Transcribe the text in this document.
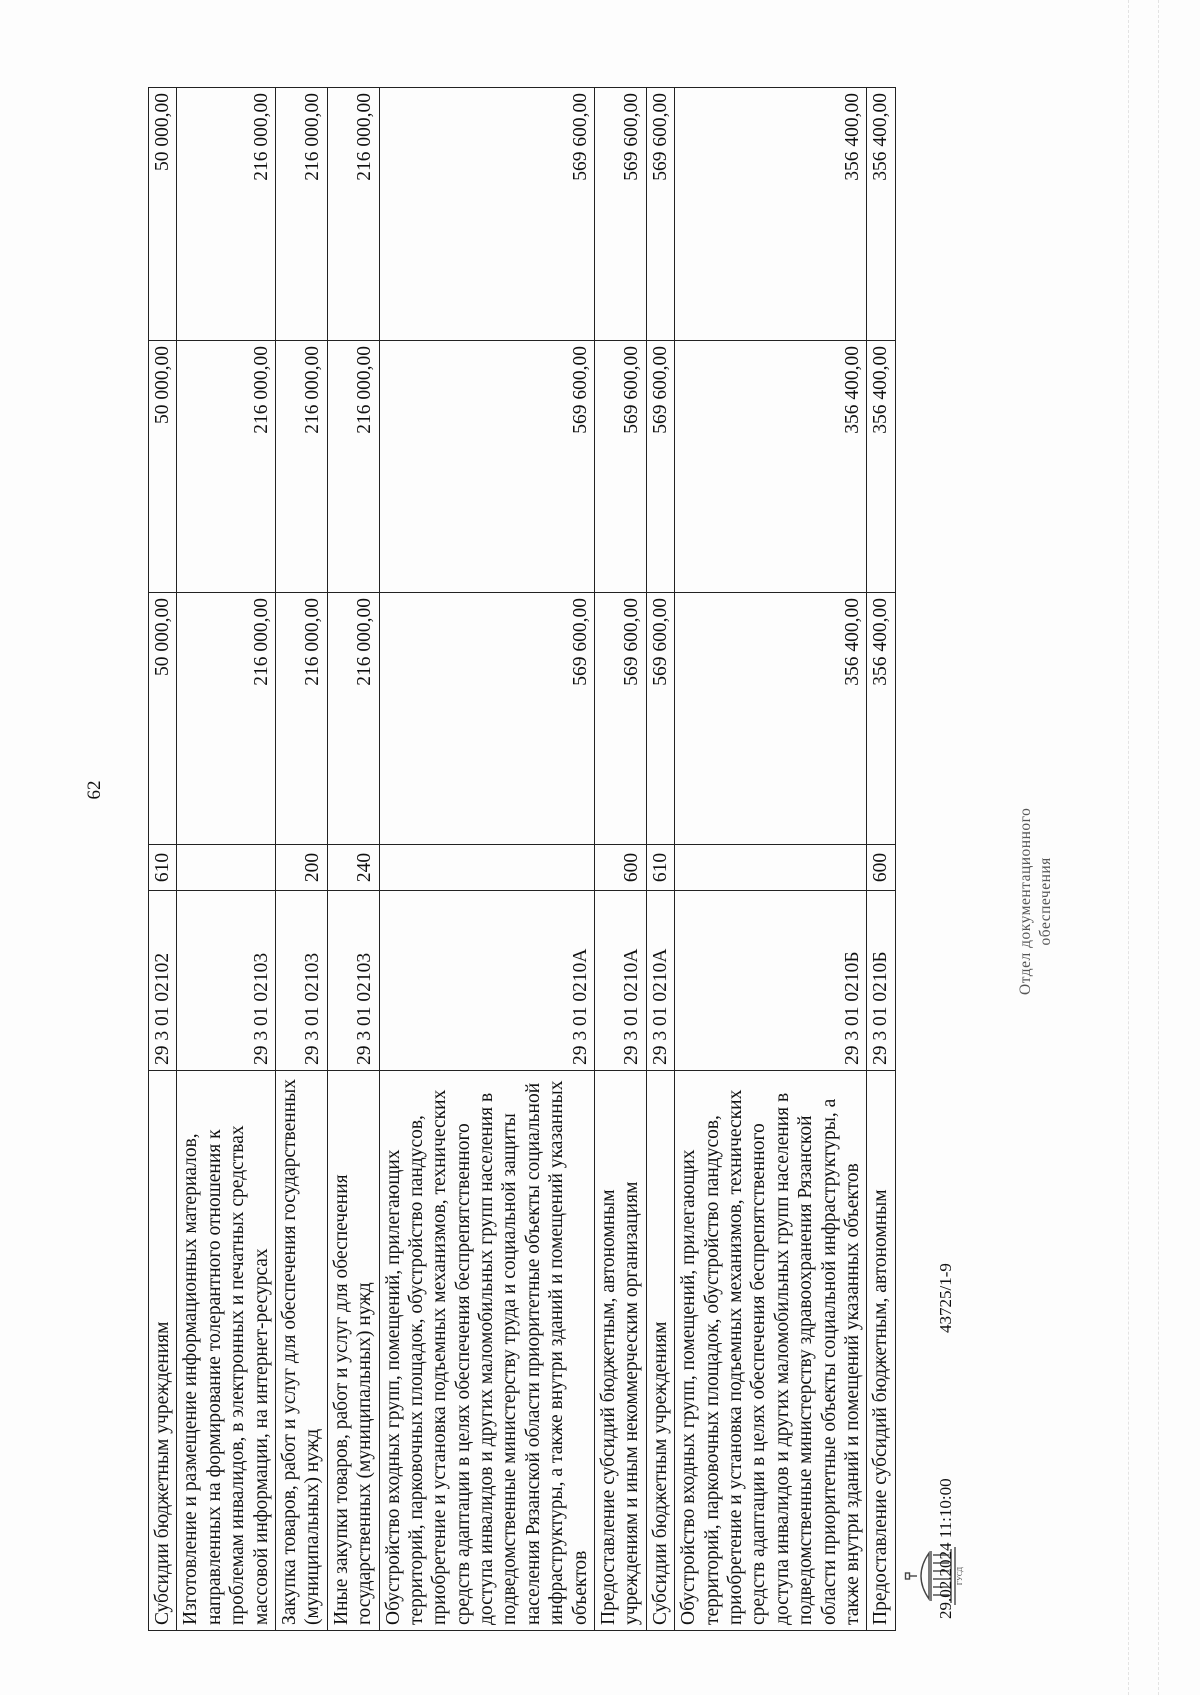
62
Субсидии бюджетным учреждениям	29 3 01 02102	610	50 000,00	50 000,00	50 000,00
Изготовление и размещение информационных материалов, направленных на формирование толерантного отношения к проблемам инвалидов, в электронных и печатных средствах массовой информации, на интернет-ресурсах	29 3 01 02103		216 000,00	216 000,00	216 000,00
Закупка товаров, работ и услуг для обеспечения государственных (муниципальных) нужд	29 3 01 02103	200	216 000,00	216 000,00	216 000,00
Иные закупки товаров, работ и услуг для обеспечения государственных (муниципальных) нужд	29 3 01 02103	240	216 000,00	216 000,00	216 000,00
Обустройство входных групп, помещений, прилегающих территорий, парковочных площадок, обустройство пандусов, приобретение и установка подъемных механизмов, технических средств адаптации в целях обеспечения беспрепятственного доступа инвалидов и других маломобильных групп населения в подведомственные министерству труда и социальной защиты населения Рязанской области приоритетные объекты социальной инфраструктуры, а также внутри зданий и помещений указанных объектов	29 3 01 0210А		569 600,00	569 600,00	569 600,00
Предоставление субсидий бюджетным, автономным учреждениям и иным некоммерческим организациям	29 3 01 0210А	600	569 600,00	569 600,00	569 600,00
Субсидии бюджетным учреждениям	29 3 01 0210А	610	569 600,00	569 600,00	569 600,00
Обустройство входных групп, помещений, прилегающих территорий, парковочных площадок, обустройство пандусов, приобретение и установка подъемных механизмов, технических средств адаптации в целях обеспечения беспрепятственного доступа инвалидов и других маломобильных групп населения в подведомственные министерству здравоохранения Рязанской области приоритетные объекты социальной инфраструктуры, а также внутри зданий и помещений указанных объектов	29 3 01 0210Б		356 400,00	356 400,00	356 400,00
Предоставление субсидий бюджетным, автономным	29 3 01 0210Б	600	356 400,00	356 400,00	356 400,00
ГУСД
29.02.2024 11:10:00
43725/1-9
Отдел документационного обеспечения
